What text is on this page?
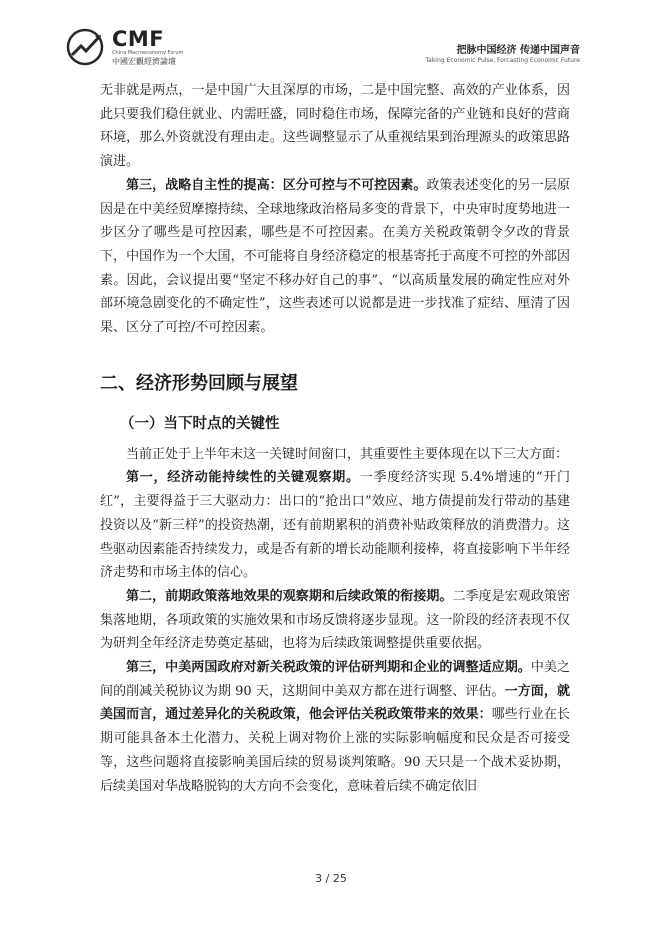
CMF
China Macroeconomy Forum
中國宏觀經濟論壇
把脉中国经济 传递中国声音
Taking Economic Pulse, Forcasting Economic Future

无非就是两点，一是中国广大且深厚的市场，二是中国完整、高效的产业体系，因此只要我们稳住就业、内需旺盛，同时稳住市场，保障完备的产业链和良好的营商环境，那么外资就没有理由走。这些调整显示了从重视结果到治理源头的政策思路演进。

第三，战略自主性的提高：区分可控与不可控因素。政策表述变化的另一层原因是在中美经贸摩擦持续、全球地缘政治格局多变的背景下，中央审时度势地进一步区分了哪些是可控因素，哪些是不可控因素。在美方关税政策朝令夕改的背景下，中国作为一个大国，不可能将自身经济稳定的根基寄托于高度不可控的外部因素。因此，会议提出要“坚定不移办好自己的事”、“以高质量发展的确定性应对外部环境急剧变化的不确定性”，这些表述可以说都是进一步找准了症结、厘清了因果、区分了可控/不可控因素。

二、经济形势回顾与展望
（一）当下时点的关键性

当前正处于上半年末这一关键时间窗口，其重要性主要体现在以下三大方面：

第一，经济动能持续性的关键观察期。一季度经济实现 5.4%增速的“开门红”，主要得益于三大驱动力：出口的“抢出口”效应、地方债提前发行带动的基建投资以及“新三样”的投资热潮，还有前期累积的消费补贴政策释放的消费潜力。这些驱动因素能否持续发力，或是否有新的增长动能顺利接棒，将直接影响下半年经济走势和市场主体的信心。

第二，前期政策落地效果的观察期和后续政策的衔接期。二季度是宏观政策密集落地期，各项政策的实施效果和市场反馈将逐步显现。这一阶段的经济表现不仅为研判全年经济走势奠定基础，也将为后续政策调整提供重要依据。

第三，中美两国政府对新关税政策的评估研判期和企业的调整适应期。中美之间的削减关税协议为期 90 天，这期间中美双方都在进行调整、评估。一方面，就美国而言，通过差异化的关税政策，他会评估关税政策带来的效果：哪些行业在长期可能具备本土化潜力、关税上调对物价上涨的实际影响幅度和民众是否可接受等，这些问题将直接影响美国后续的贸易谈判策略。90 天只是一个战术妥协期，后续美国对华战略脱钩的大方向不会变化，意味着后续不确定依旧

3 / 25
